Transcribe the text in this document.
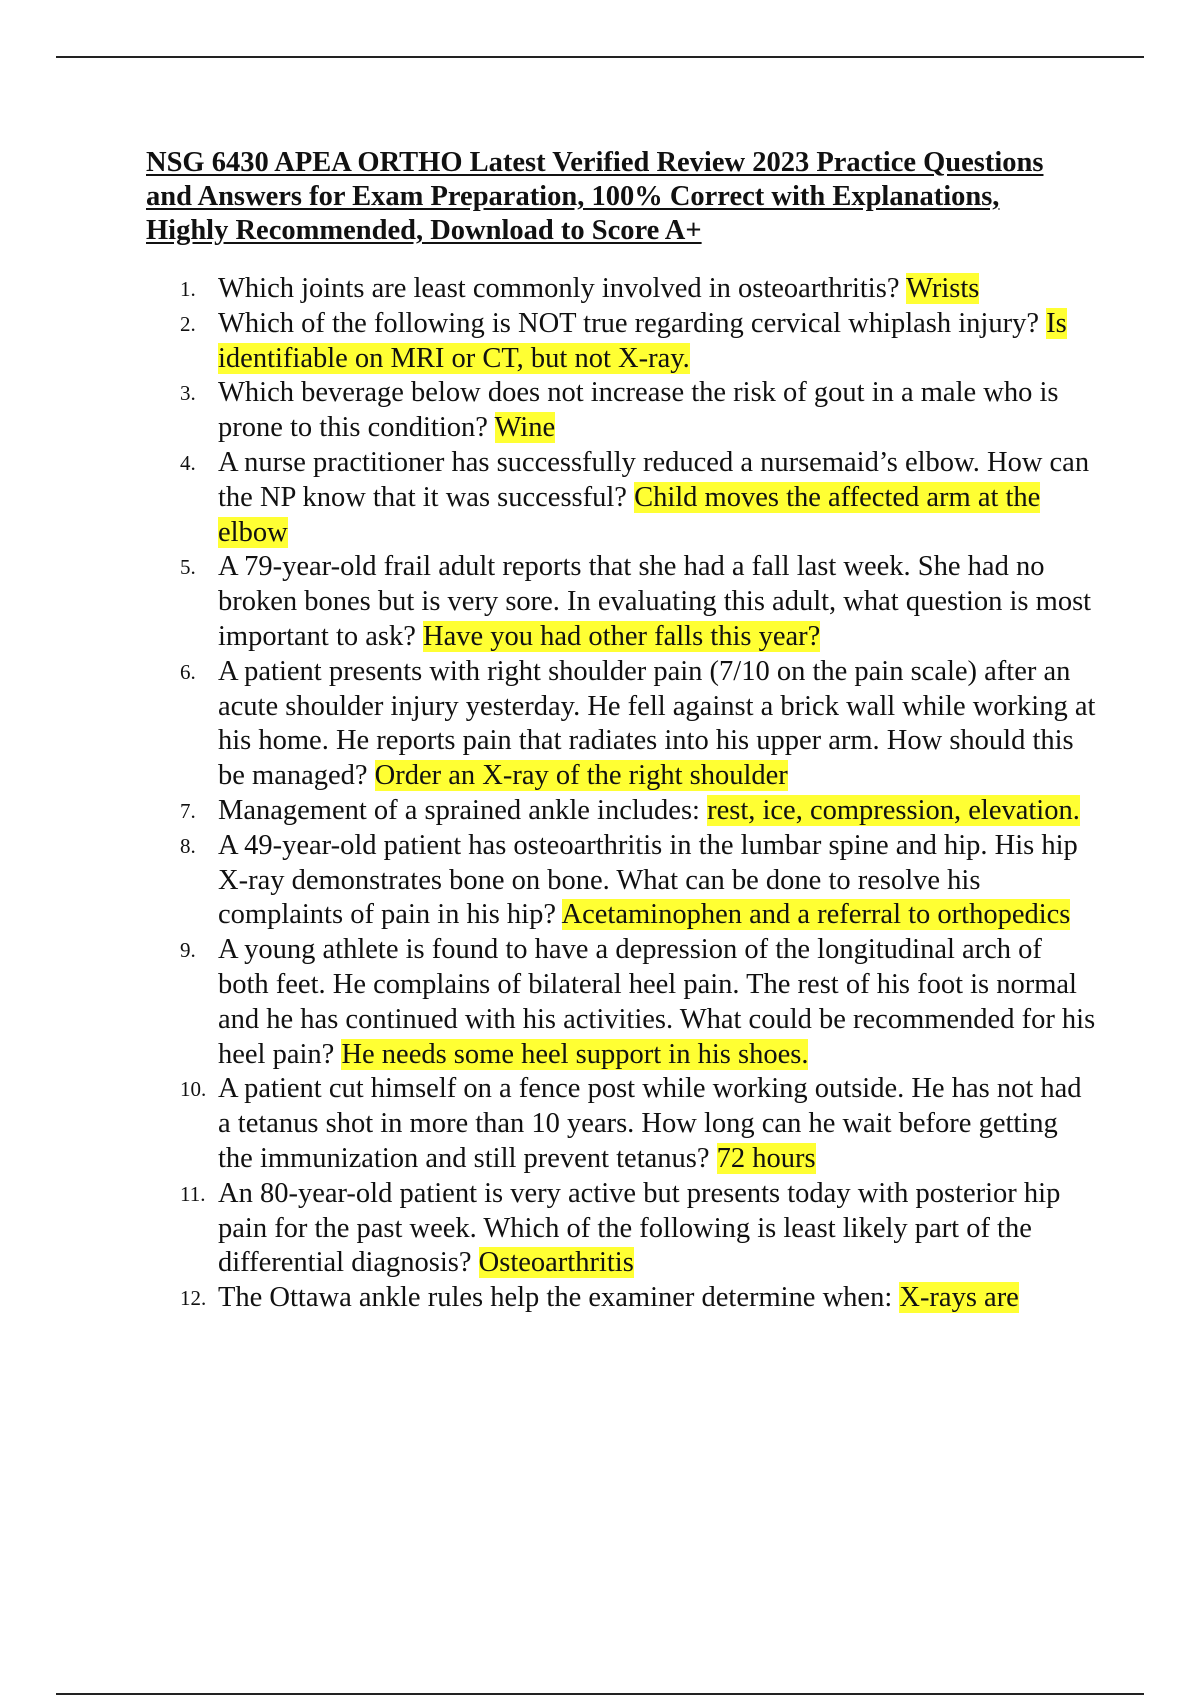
NSG 6430 APEA ORTHO Latest Verified Review 2023 Practice Questions and Answers for Exam Preparation, 100% Correct with Explanations, Highly Recommended, Download to Score A+
1. Which joints are least commonly involved in osteoarthritis? Wrists
2. Which of the following is NOT true regarding cervical whiplash injury? Is identifiable on MRI or CT, but not X-ray.
3. Which beverage below does not increase the risk of gout in a male who is prone to this condition? Wine
4. A nurse practitioner has successfully reduced a nursemaid’s elbow. How can the NP know that it was successful? Child moves the affected arm at the elbow
5. A 79-year-old frail adult reports that she had a fall last week. She had no broken bones but is very sore. In evaluating this adult, what question is most important to ask? Have you had other falls this year?
6. A patient presents with right shoulder pain (7/10 on the pain scale) after an acute shoulder injury yesterday. He fell against a brick wall while working at his home. He reports pain that radiates into his upper arm. How should this be managed? Order an X-ray of the right shoulder
7. Management of a sprained ankle includes: rest, ice, compression, elevation.
8. A 49-year-old patient has osteoarthritis in the lumbar spine and hip. His hip X-ray demonstrates bone on bone. What can be done to resolve his complaints of pain in his hip? Acetaminophen and a referral to orthopedics
9. A young athlete is found to have a depression of the longitudinal arch of both feet. He complains of bilateral heel pain. The rest of his foot is normal and he has continued with his activities. What could be recommended for his heel pain? He needs some heel support in his shoes.
10. A patient cut himself on a fence post while working outside. He has not had a tetanus shot in more than 10 years. How long can he wait before getting the immunization and still prevent tetanus? 72 hours
11. An 80-year-old patient is very active but presents today with posterior hip pain for the past week. Which of the following is least likely part of the differential diagnosis? Osteoarthritis
12. The Ottawa ankle rules help the examiner determine when: X-rays are
